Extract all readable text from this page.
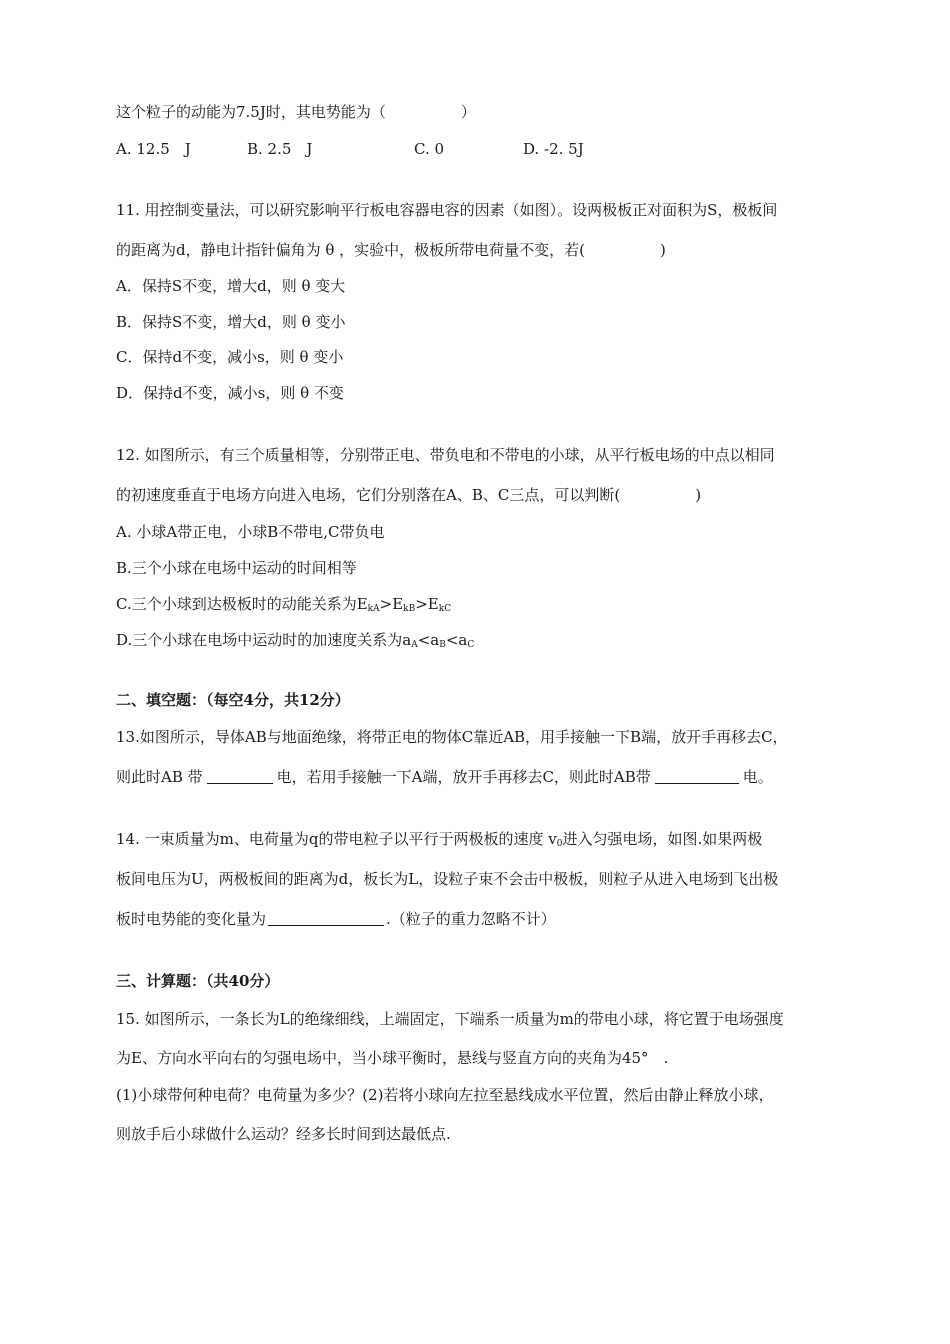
这个粒子的动能为7.5J时，其电势能为（　　　　　）
A. 12.5　J	B. 2.5　J	C. 0	D. -2. 5J
11. 用控制变量法，可以研究影响平行板电容器电容的因素（如图）。设两极板正对面积为S，极板间
的距离为d，静电计指针偏角为 θ ，实验中，极板所带电荷量不变，若(　　　　　)
A．保持S不变，增大d，则 θ 变大
B．保持S不变，增大d，则 θ 变小
C．保持d不变，减小s，则 θ 变小
D．保持d不变，减小s，则 θ 不变
12. 如图所示，有三个质量相等，分别带正电、带负电和不带电的小球，从平行板电场的中点以相同
的初速度垂直于电场方向进入电场，它们分别落在A、B、C三点，可以判断(　　　　　)
A. 小球A带正电，小球B不带电,C带负电
B.三个小球在电场中运动的时间相等
C.三个小球到达极板时的动能关系为$E_{kA}>E_{kB}>E_{kC}$
D.三个小球在电场中运动时的加速度关系为$a_A<a_B<a_C$
二、填空题：（每空4分，共12分）
13.如图所示，导体AB与地面绝缘，将带正电的物体C靠近AB，用手接触一下B端，放开手再移去C，
则此时AB 带	电，若用手接触一下A端，放开手再移去C，则此时AB带	电。
14. 一束质量为m、电荷量为q的带电粒子以平行于两极板的速度 $v_0$进入匀强电场，如图.如果两极
板间电压为U，两极板间的距离为d，板长为L，设粒子束不会击中极板，则粒子从进入电场到飞出极
板时电势能的变化量为	.（粒子的重力忽略不计）
三、计算题：（共40分）
15. 如图所示，一条长为L的绝缘细线，上端固定，下端系一质量为m的带电小球，将它置于电场强度
为E、方向水平向右的匀强电场中，当小球平衡时，悬线与竖直方向的夹角为45°　.
(1)小球带何种电荷？电荷量为多少？(2)若将小球向左拉至悬线成水平位置，然后由静止释放小球，
则放手后小球做什么运动？经多长时间到达最低点.
